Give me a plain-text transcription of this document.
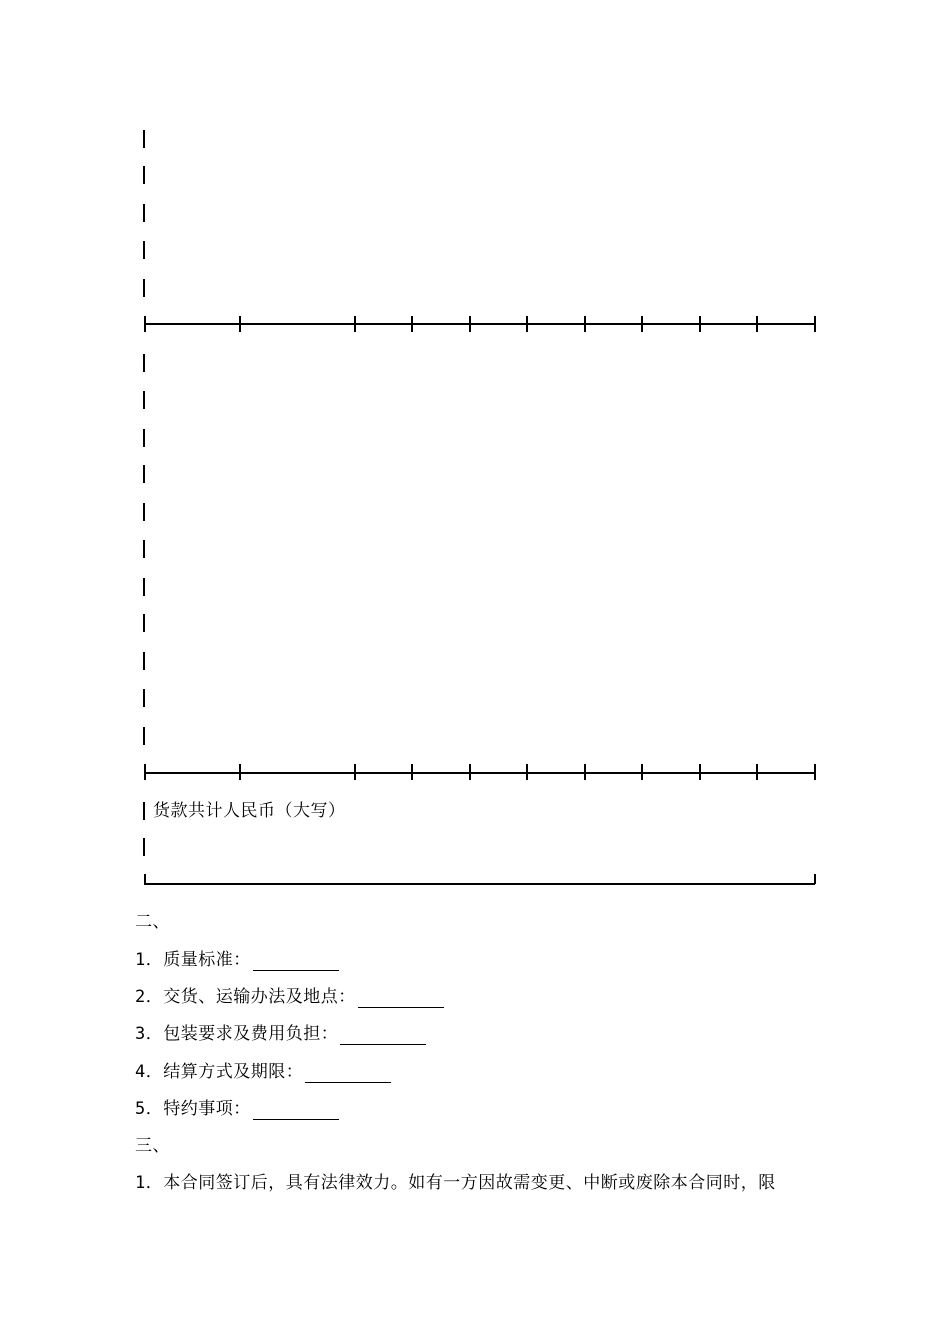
货款共计人民币（大写）
二、
1．质量标准：
2．交货、运输办法及地点：
3．包装要求及费用负担：
4．结算方式及期限：
5．特约事项：
三、
1．本合同签订后，具有法律效力。如有一方因故需变更、中断或废除本合同时，限
